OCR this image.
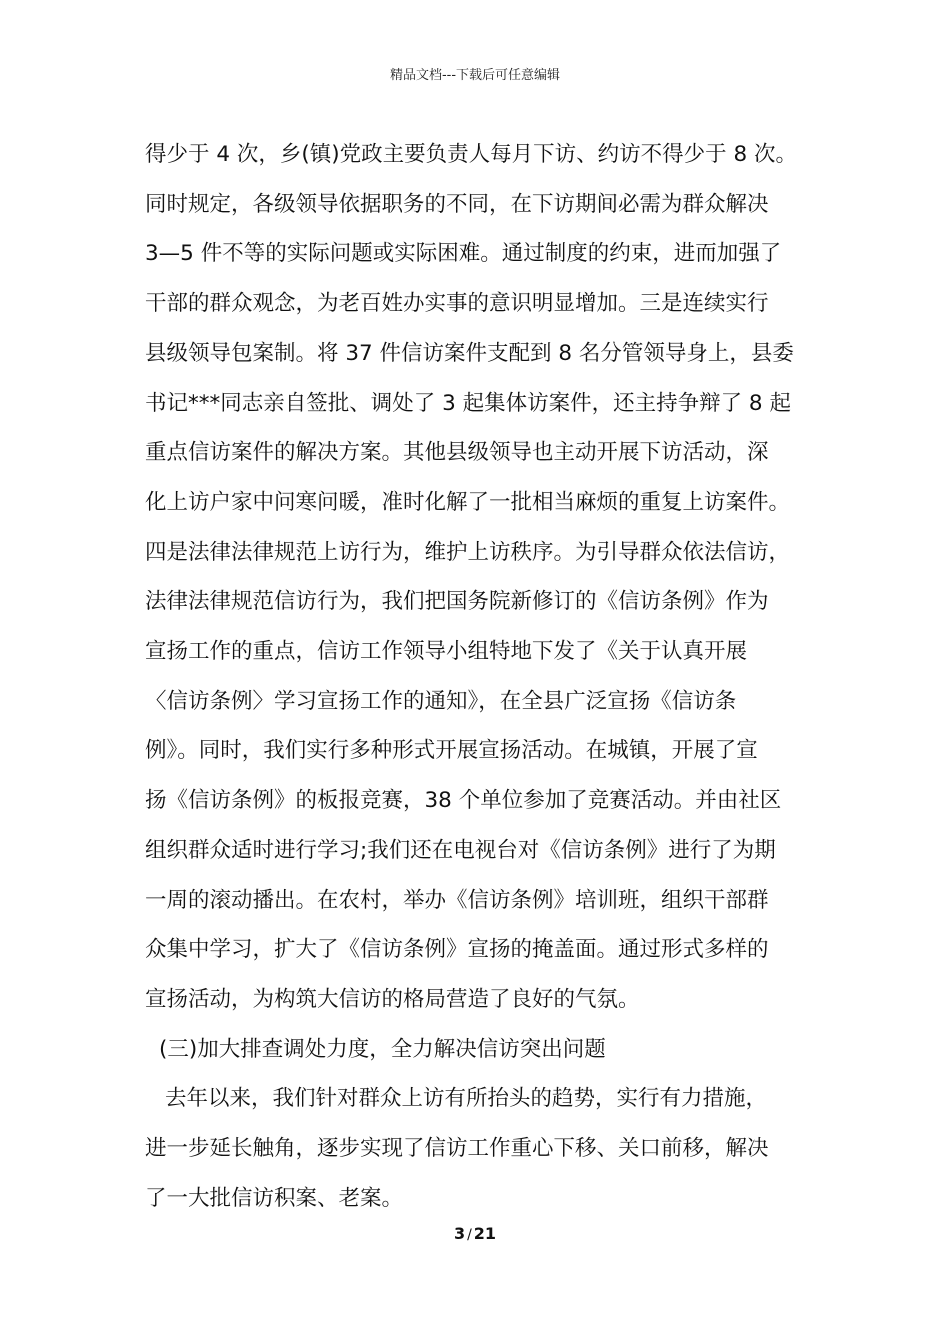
精品文档---下载后可任意编辑
得少于 4 次，乡(镇)党政主要负责人每月下访、约访不得少于 8 次。
同时规定，各级领导依据职务的不同，在下访期间必需为群众解决
3—5 件不等的实际问题或实际困难。通过制度的约束，进而加强了
干部的群众观念，为老百姓办实事的意识明显增加。三是连续实行
县级领导包案制。将 37 件信访案件支配到 8 名分管领导身上，县委
书记***同志亲自签批、调处了 3 起集体访案件，还主持争辩了 8 起
重点信访案件的解决方案。其他县级领导也主动开展下访活动，深
化上访户家中问寒问暖，准时化解了一批相当麻烦的重复上访案件。
四是法律法律规范上访行为，维护上访秩序。为引导群众依法信访，
法律法律规范信访行为，我们把国务院新修订的《信访条例》作为
宣扬工作的重点，信访工作领导小组特地下发了《关于认真开展
〈信访条例〉学习宣扬工作的通知》，在全县广泛宣扬《信访条
例》。同时，我们实行多种形式开展宣扬活动。在城镇，开展了宣
扬《信访条例》的板报竞赛，38 个单位参加了竞赛活动。并由社区
组织群众适时进行学习;我们还在电视台对《信访条例》进行了为期
一周的滚动播出。在农村，举办《信访条例》培训班，组织干部群
众集中学习，扩大了《信访条例》宣扬的掩盖面。通过形式多样的
宣扬活动，为构筑大信访的格局营造了良好的气氛。
(三)加大排查调处力度，全力解决信访突出问题
去年以来，我们针对群众上访有所抬头的趋势，实行有力措施，
进一步延长触角，逐步实现了信访工作重心下移、关口前移，解决
了一大批信访积案、老案。
3 / 21
